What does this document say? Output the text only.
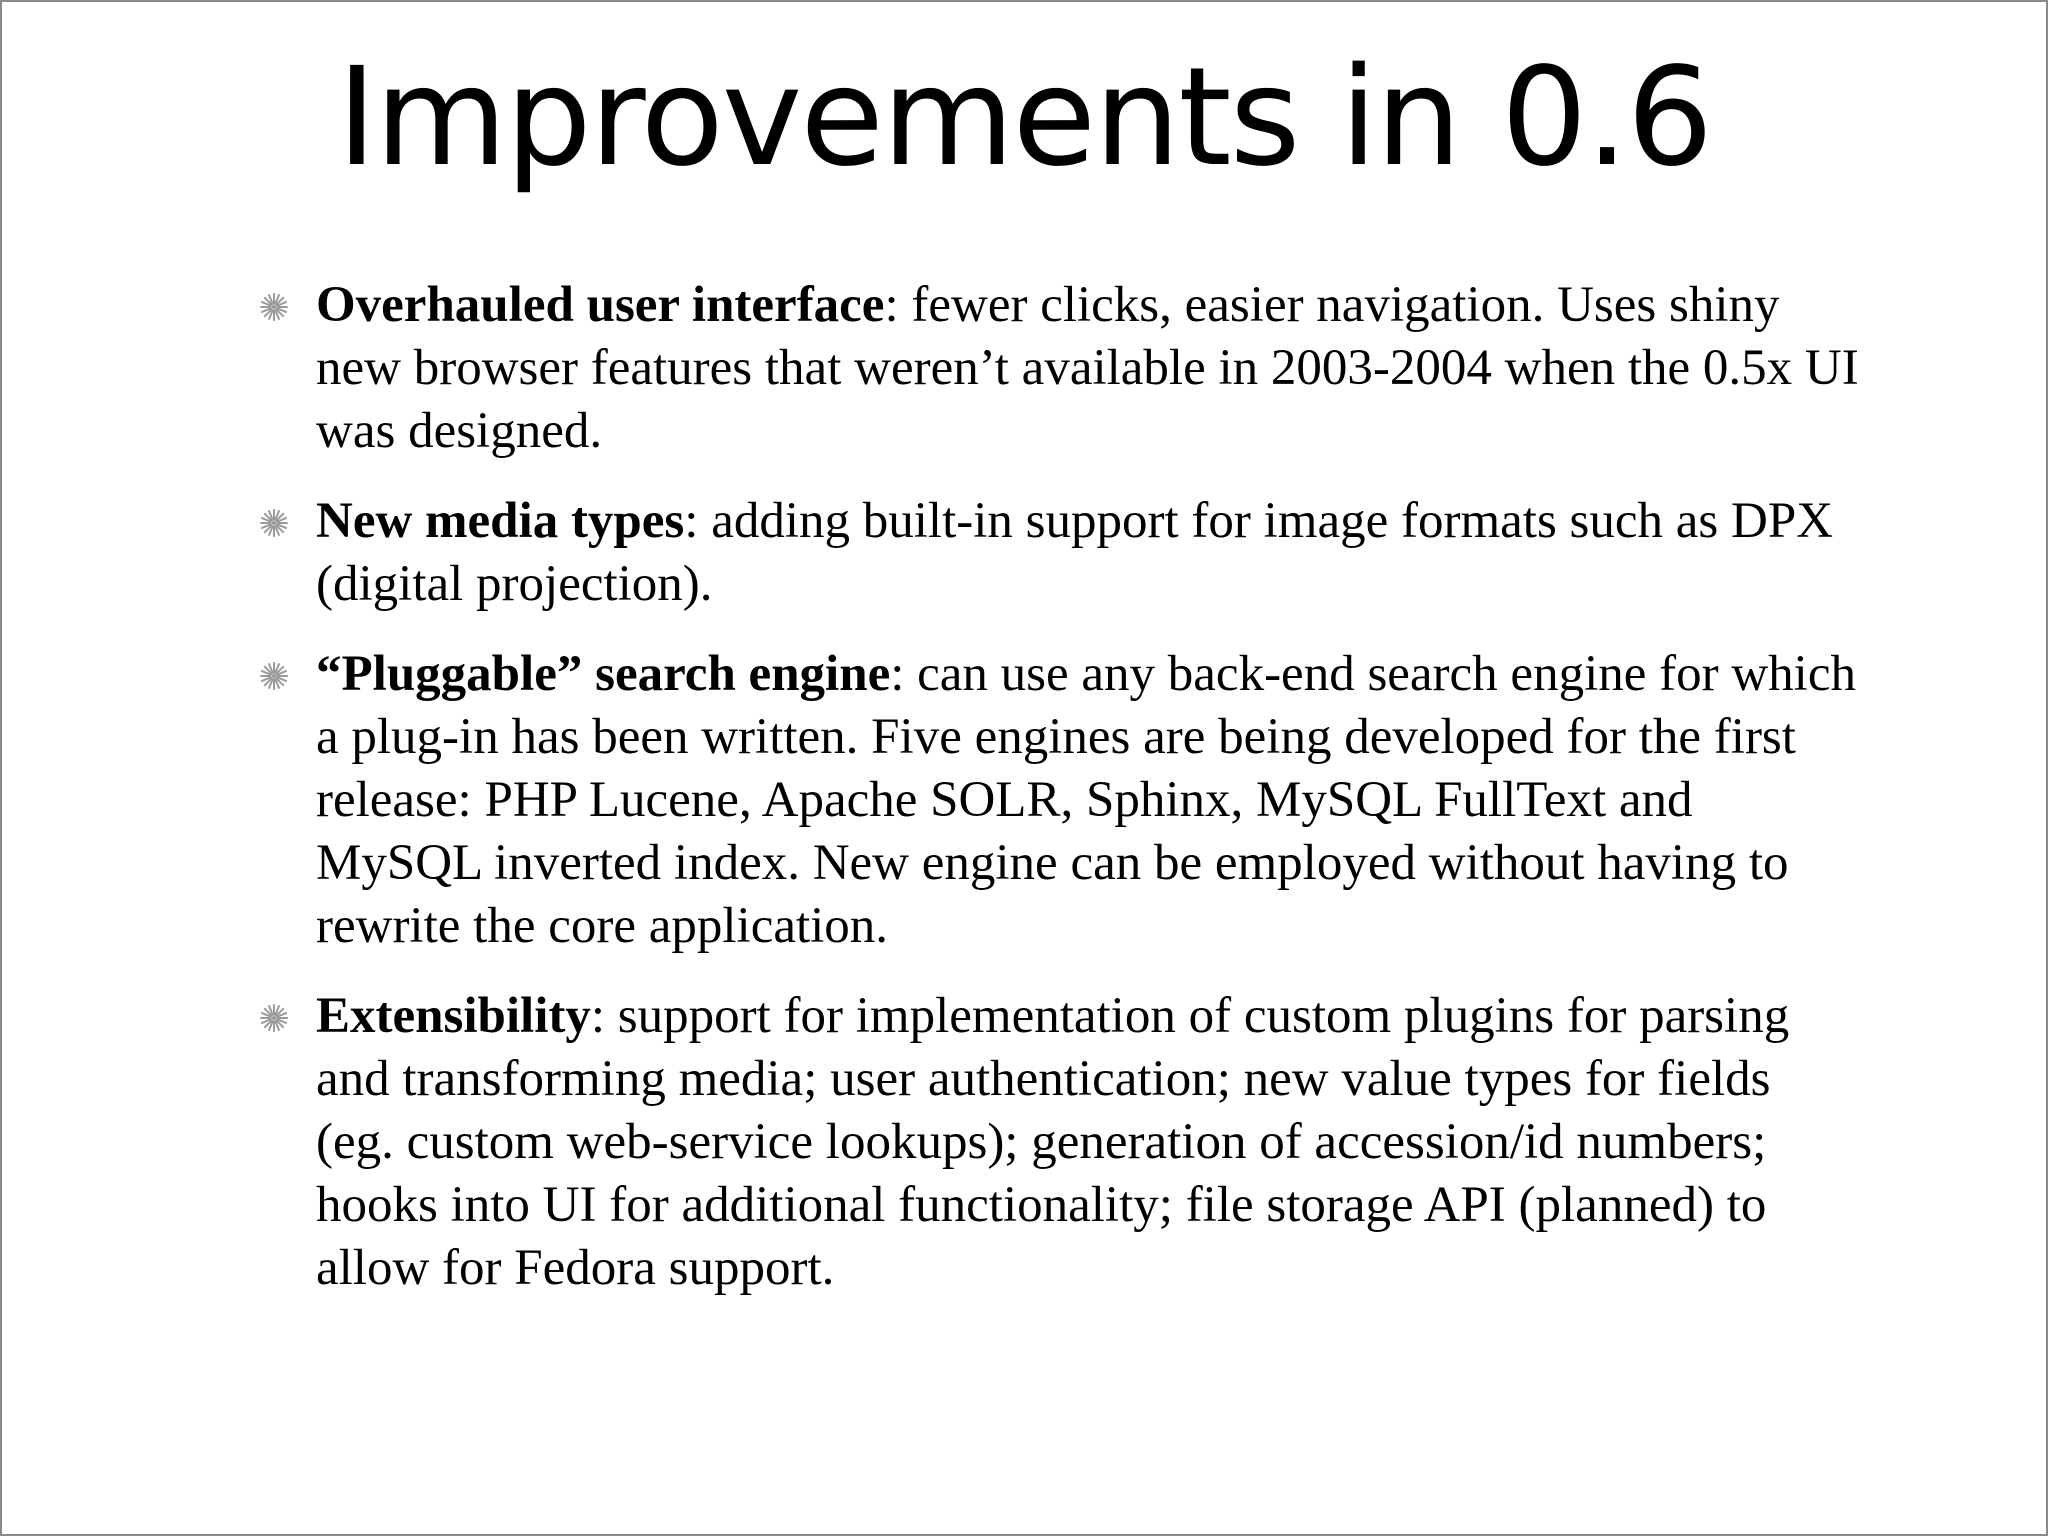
Improvements in 0.6
Overhauled user interface: fewer clicks, easier navigation. Uses shiny new browser features that weren’t available in 2003-2004 when the 0.5x UI was designed.
New media types: adding built-in support for image formats such as DPX (digital projection).
“Pluggable” search engine: can use any back-end search engine for which a plug-in has been written. Five engines are being developed for the first release: PHP Lucene, Apache SOLR, Sphinx, MySQL FullText and MySQL inverted index. New engine can be employed without having to rewrite the core application.
Extensibility: support for implementation of custom plugins for parsing and transforming media; user authentication; new value types for fields (eg. custom web-service lookups); generation of accession/id numbers; hooks into UI for additional functionality; file storage API (planned) to allow for Fedora support.
